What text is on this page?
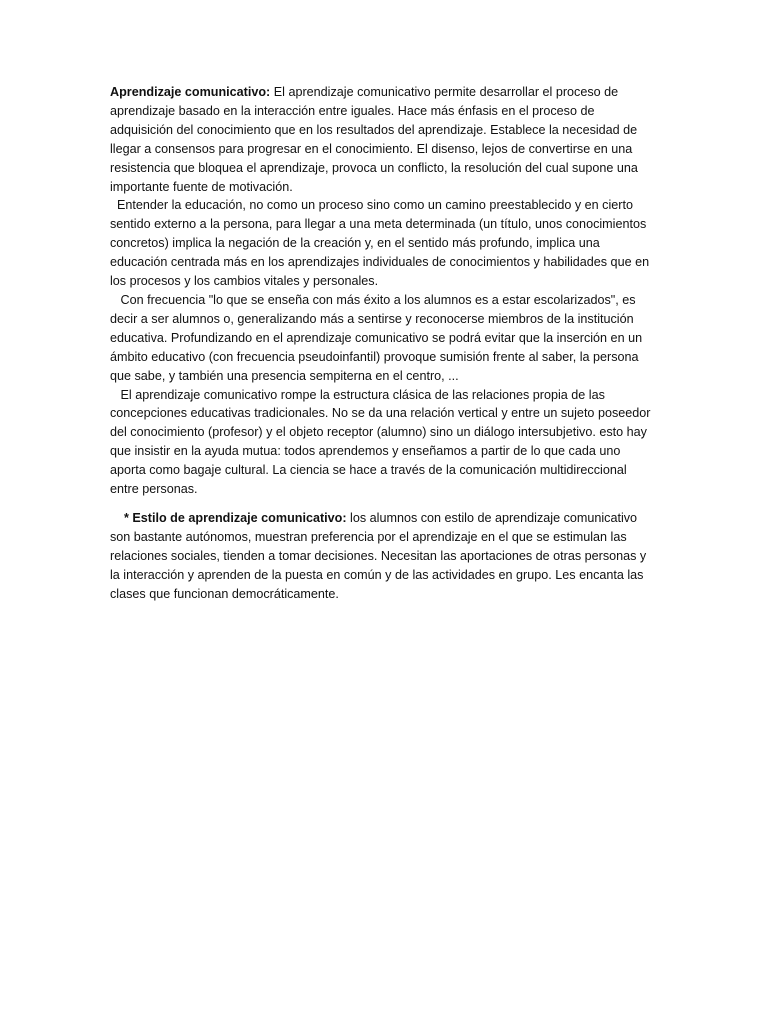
Aprendizaje comunicativo: El aprendizaje comunicativo permite desarrollar el proceso de aprendizaje basado en la interacción entre iguales. Hace más énfasis en el proceso de adquisición del conocimiento que en los resultados del aprendizaje. Establece la necesidad de llegar a consensos para progresar en el conocimiento. El disenso, lejos de convertirse en una resistencia que bloquea el aprendizaje, provoca un conflicto, la resolución del cual supone una importante fuente de motivación.

Entender la educación, no como un proceso sino como un camino preestablecido y en cierto sentido externo a la persona, para llegar a una meta determinada (un título, unos conocimientos concretos) implica la negación de la creación y, en el sentido más profundo, implica una educación centrada más en los aprendizajes individuales de conocimientos y habilidades que en los procesos y los cambios vitales y personales.

Con frecuencia "lo que se enseña con más éxito a los alumnos es a estar escolarizados", es decir a ser alumnos o, generalizando más a sentirse y reconocerse miembros de la institución educativa. Profundizando en el aprendizaje comunicativo se podrá evitar que la inserción en un ámbito educativo (con frecuencia pseudoinfantil) provoque sumisión frente al saber, la persona que sabe, y también una presencia sempiterna en el centro, ...

El aprendizaje comunicativo rompe la estructura clásica de las relaciones propia de las concepciones educativas tradicionales. No se da una relación vertical y entre un sujeto poseedor del conocimiento (profesor) y el objeto receptor (alumno) sino un diálogo intersubjetivo. esto hay que insistir en la ayuda mutua: todos aprendemos y enseñamos a partir de lo que cada uno aporta como bagaje cultural. La ciencia se hace a través de la comunicación multidireccional entre personas.

* Estilo de aprendizaje comunicativo: los alumnos con estilo de aprendizaje comunicativo son bastante autónomos, muestran preferencia por el aprendizaje en el que se estimulan las relaciones sociales, tienden a tomar decisiones. Necesitan las aportaciones de otras personas y la interacción y aprenden de la puesta en común y de las actividades en grupo. Les encanta las clases que funcionan democráticamente.
